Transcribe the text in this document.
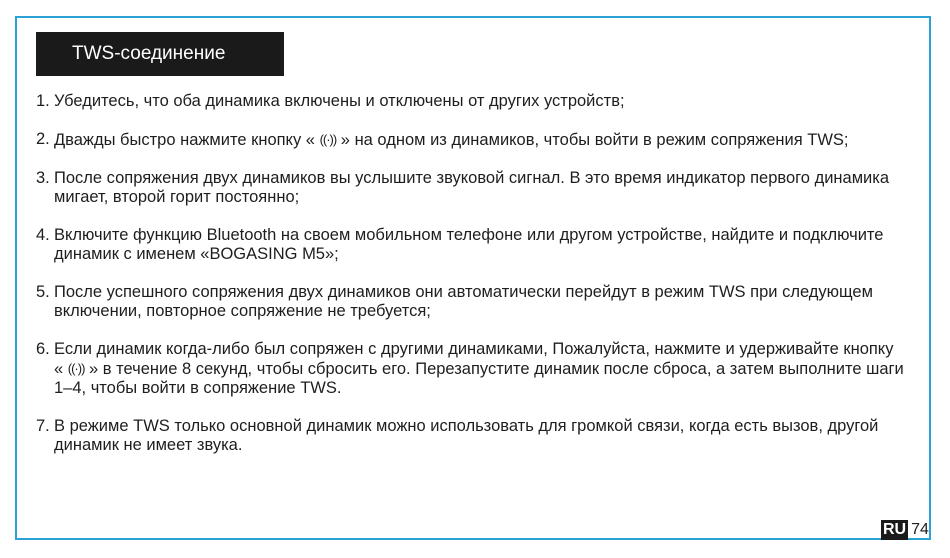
TWS-соединение
1. Убедитесь, что оба динамика включены и отключены от других устройств;
2. Дважды быстро нажмите кнопку « ((·)) » на одном из динамиков, чтобы войти в режим сопряжения TWS;
3. После сопряжения двух динамиков вы услышите звуковой сигнал. В это время индикатор первого динамика мигает, второй горит постоянно;
4. Включите функцию Bluetooth на своем мобильном телефоне или другом устройстве, найдите и подключите динамик с именем «BOGASING M5»;
5. После успешного сопряжения двух динамиков они автоматически перейдут в режим TWS при следующем включении, повторное сопряжение не требуется;
6. Если динамик когда-либо был сопряжен с другими динамиками, Пожалуйста, нажмите и удерживайте кнопку « ((·)) » в течение 8 секунд, чтобы сбросить его. Перезапустите динамик после сброса, а затем выполните шаги 1–4, чтобы войти в сопряжение TWS.
7. В режиме TWS только основной динамик можно использовать для громкой связи, когда есть вызов, другой динамик не имеет звука.
RU 74
